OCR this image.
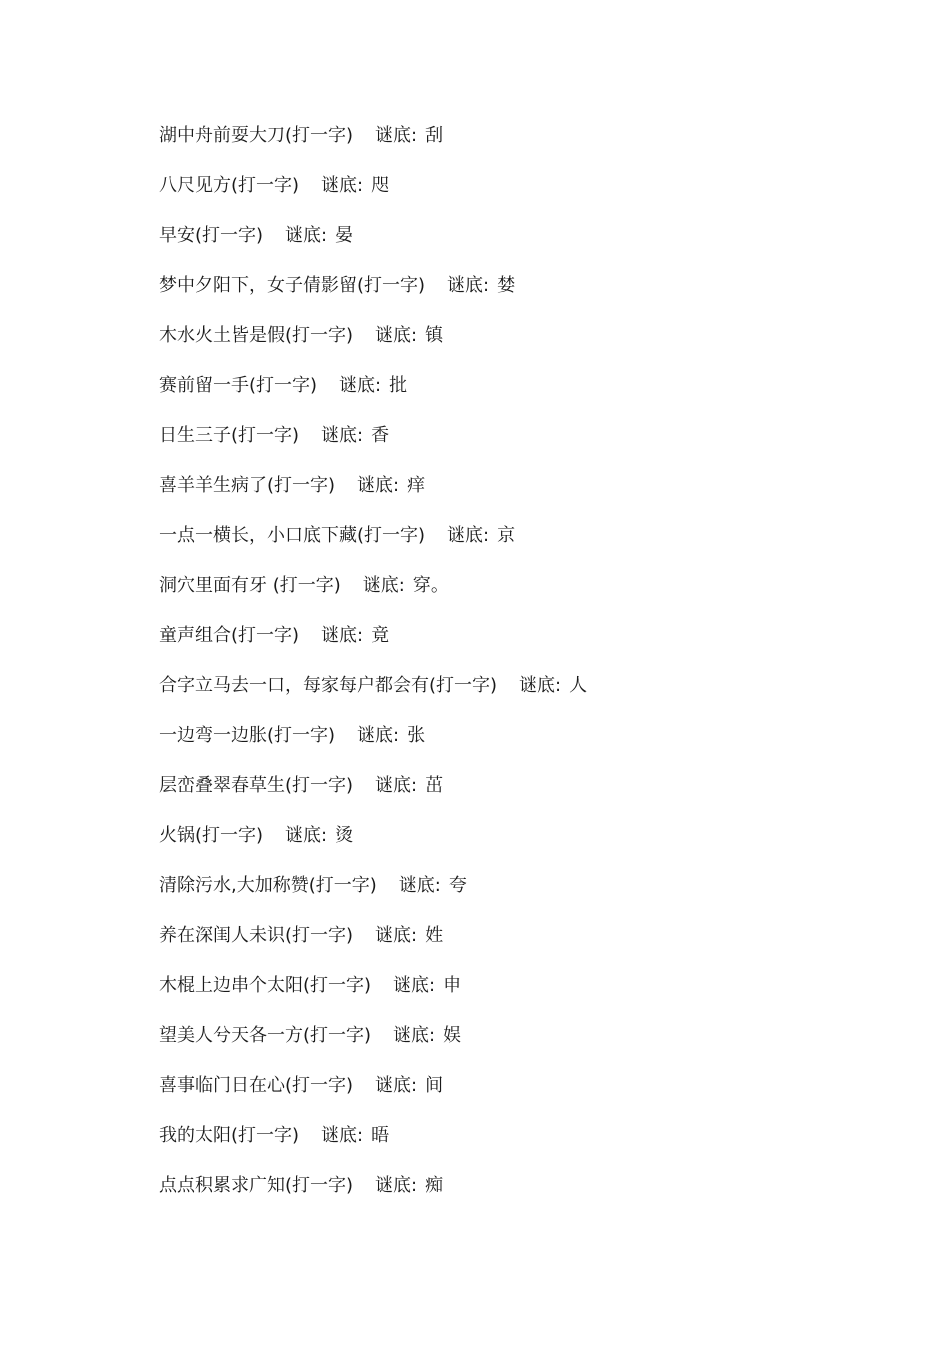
湖中舟前耍大刀(打一字) 谜底: 刮
八尺见方(打一字) 谜底: 咫
早安(打一字) 谜底: 晏
梦中夕阳下，女子倩影留(打一字) 谜底: 婪
木水火土皆是假(打一字) 谜底: 镇
赛前留一手(打一字) 谜底: 批
日生三子(打一字) 谜底: 香
喜羊羊生病了(打一字) 谜底: 痒
一点一横长，小口底下藏(打一字) 谜底: 京
洞穴里面有牙 (打一字) 谜底: 穿。
童声组合(打一字) 谜底: 竟
合字立马去一口，每家每户都会有(打一字) 谜底: 人
一边弯一边胀(打一字) 谜底: 张
层峦叠翠春草生(打一字) 谜底: 茁
火锅(打一字) 谜底: 烫
清除污水,大加称赞(打一字) 谜底: 夸
养在深闺人未识(打一字) 谜底: 姓
木棍上边串个太阳(打一字) 谜底: 申
望美人兮天各一方(打一字) 谜底: 娱
喜事临门日在心(打一字) 谜底: 间
我的太阳(打一字) 谜底: 晤
点点积累求广知(打一字) 谜底: 痴
